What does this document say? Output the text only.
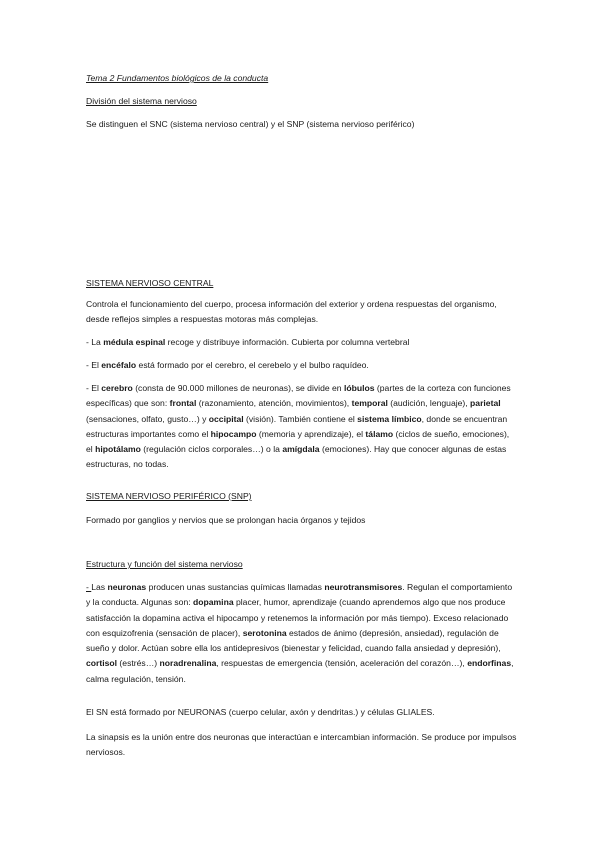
Tema 2 Fundamentos biológicos de la conducta

División del sistema nervioso

Se distinguen el SNC (sistema nervioso central) y el SNP (sistema nervioso periférico)

SISTEMA NERVIOSO CENTRAL

Controla el funcionamiento del cuerpo, procesa información del exterior y ordena respuestas del organismo, desde reflejos simples a respuestas motoras más complejas.

- La médula espinal recoge y distribuye información. Cubierta por columna vertebral

- El encéfalo está formado por el cerebro, el cerebelo y el bulbo raquídeo.

- El cerebro (consta de 90.000 millones de neuronas), se divide en lóbulos (partes de la corteza con funciones específicas) que son: frontal (razonamiento, atención, movimientos), temporal (audición, lenguaje), parietal (sensaciones, olfato, gusto…) y occipital (visión). También contiene el sistema límbico, donde se encuentran estructuras importantes como el hipocampo (memoria y aprendizaje), el tálamo (ciclos de sueño, emociones), el hipotálamo (regulación ciclos corporales…) o la amígdala (emociones). Hay que conocer algunas de estas estructuras, no todas.

SISTEMA NERVIOSO PERIFÉRICO (SNP)

Formado por ganglios y nervios que se prolongan hacia órganos y tejidos

Estructura y función del sistema nervioso

- Las neuronas producen unas sustancias químicas llamadas neurotransmisores. Regulan el comportamiento y la conducta. Algunas son: dopamina placer, humor, aprendizaje (cuando aprendemos algo que nos produce satisfacción la dopamina activa el hipocampo y retenemos la información por más tiempo). Exceso relacionado con esquizofrenia (sensación de placer), serotonina estados de ánimo (depresión, ansiedad), regulación de sueño y dolor. Actúan sobre ella los antidepresivos (bienestar y felicidad, cuando falla ansiedad y depresión), cortisol (estrés…) noradrenalina, respuestas de emergencia (tensión, aceleración del corazón…), endorfinas, calma regulación, tensión.

El SN está formado por NEURONAS (cuerpo celular, axón y dendritas.) y células GLIALES.

La sinapsis es la unión entre dos neuronas que interactúan e intercambian información. Se produce por impulsos nerviosos.
